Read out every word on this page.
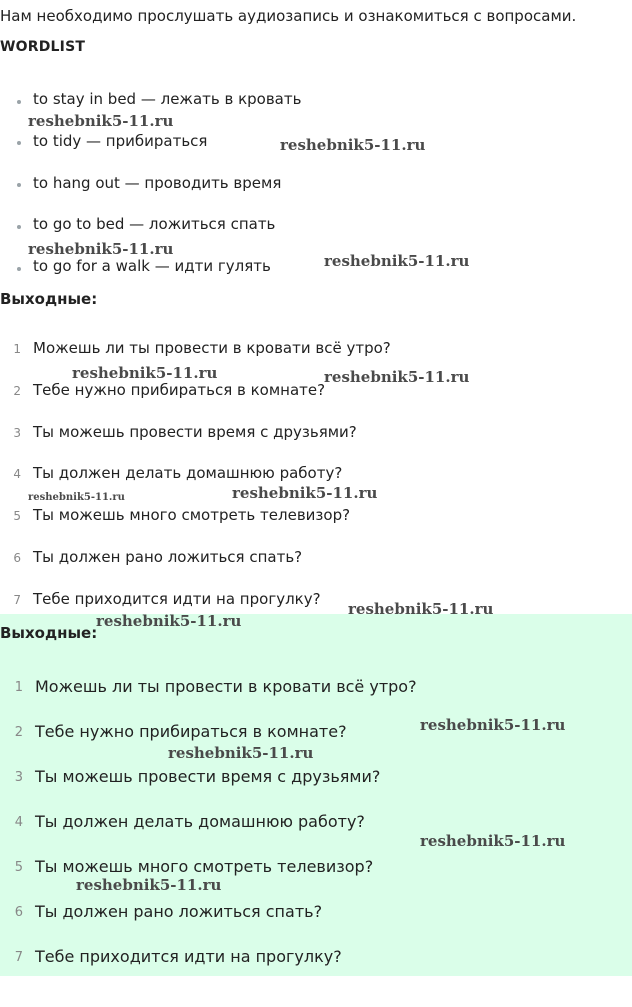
Нам необходимо прослушать аудиозапись и ознакомиться с вопросами.
WORDLIST
to stay in bed — лежать в кровать
to tidy — прибираться
to hang out — проводить время
to go to bed — ложиться спать
to go for a walk — идти гулять
Выходные:
1 Можешь ли ты провести в кровати всё утро?
2 Тебе нужно прибираться в комнате?
3 Ты можешь провести время с друзьями?
4 Ты должен делать домашнюю работу?
5 Ты можешь много смотреть телевизор?
6 Ты должен рано ложиться спать?
7 Тебе приходится идти на прогулку?
Выходные:
1 Можешь ли ты провести в кровати всё утро?
2 Тебе нужно прибираться в комнате?
3 Ты можешь провести время с друзьями?
4 Ты должен делать домашнюю работу?
5 Ты можешь много смотреть телевизор?
6 Ты должен рано ложиться спать?
7 Тебе приходится идти на прогулку?
reshebnik5-11.ru
reshebnik5-11.ru
reshebnik5-11.ru
reshebnik5-11.ru
reshebnik5-11.ru	reshebnik5-11.ru
reshebnik5-11.ru	reshebnik5-11.ru
reshebnik5-11.ru
reshebnik5-11.ru
reshebnik5-11.ru
reshebnik5-11.ru
reshebnik5-11.ru
reshebnik5-11.ru
